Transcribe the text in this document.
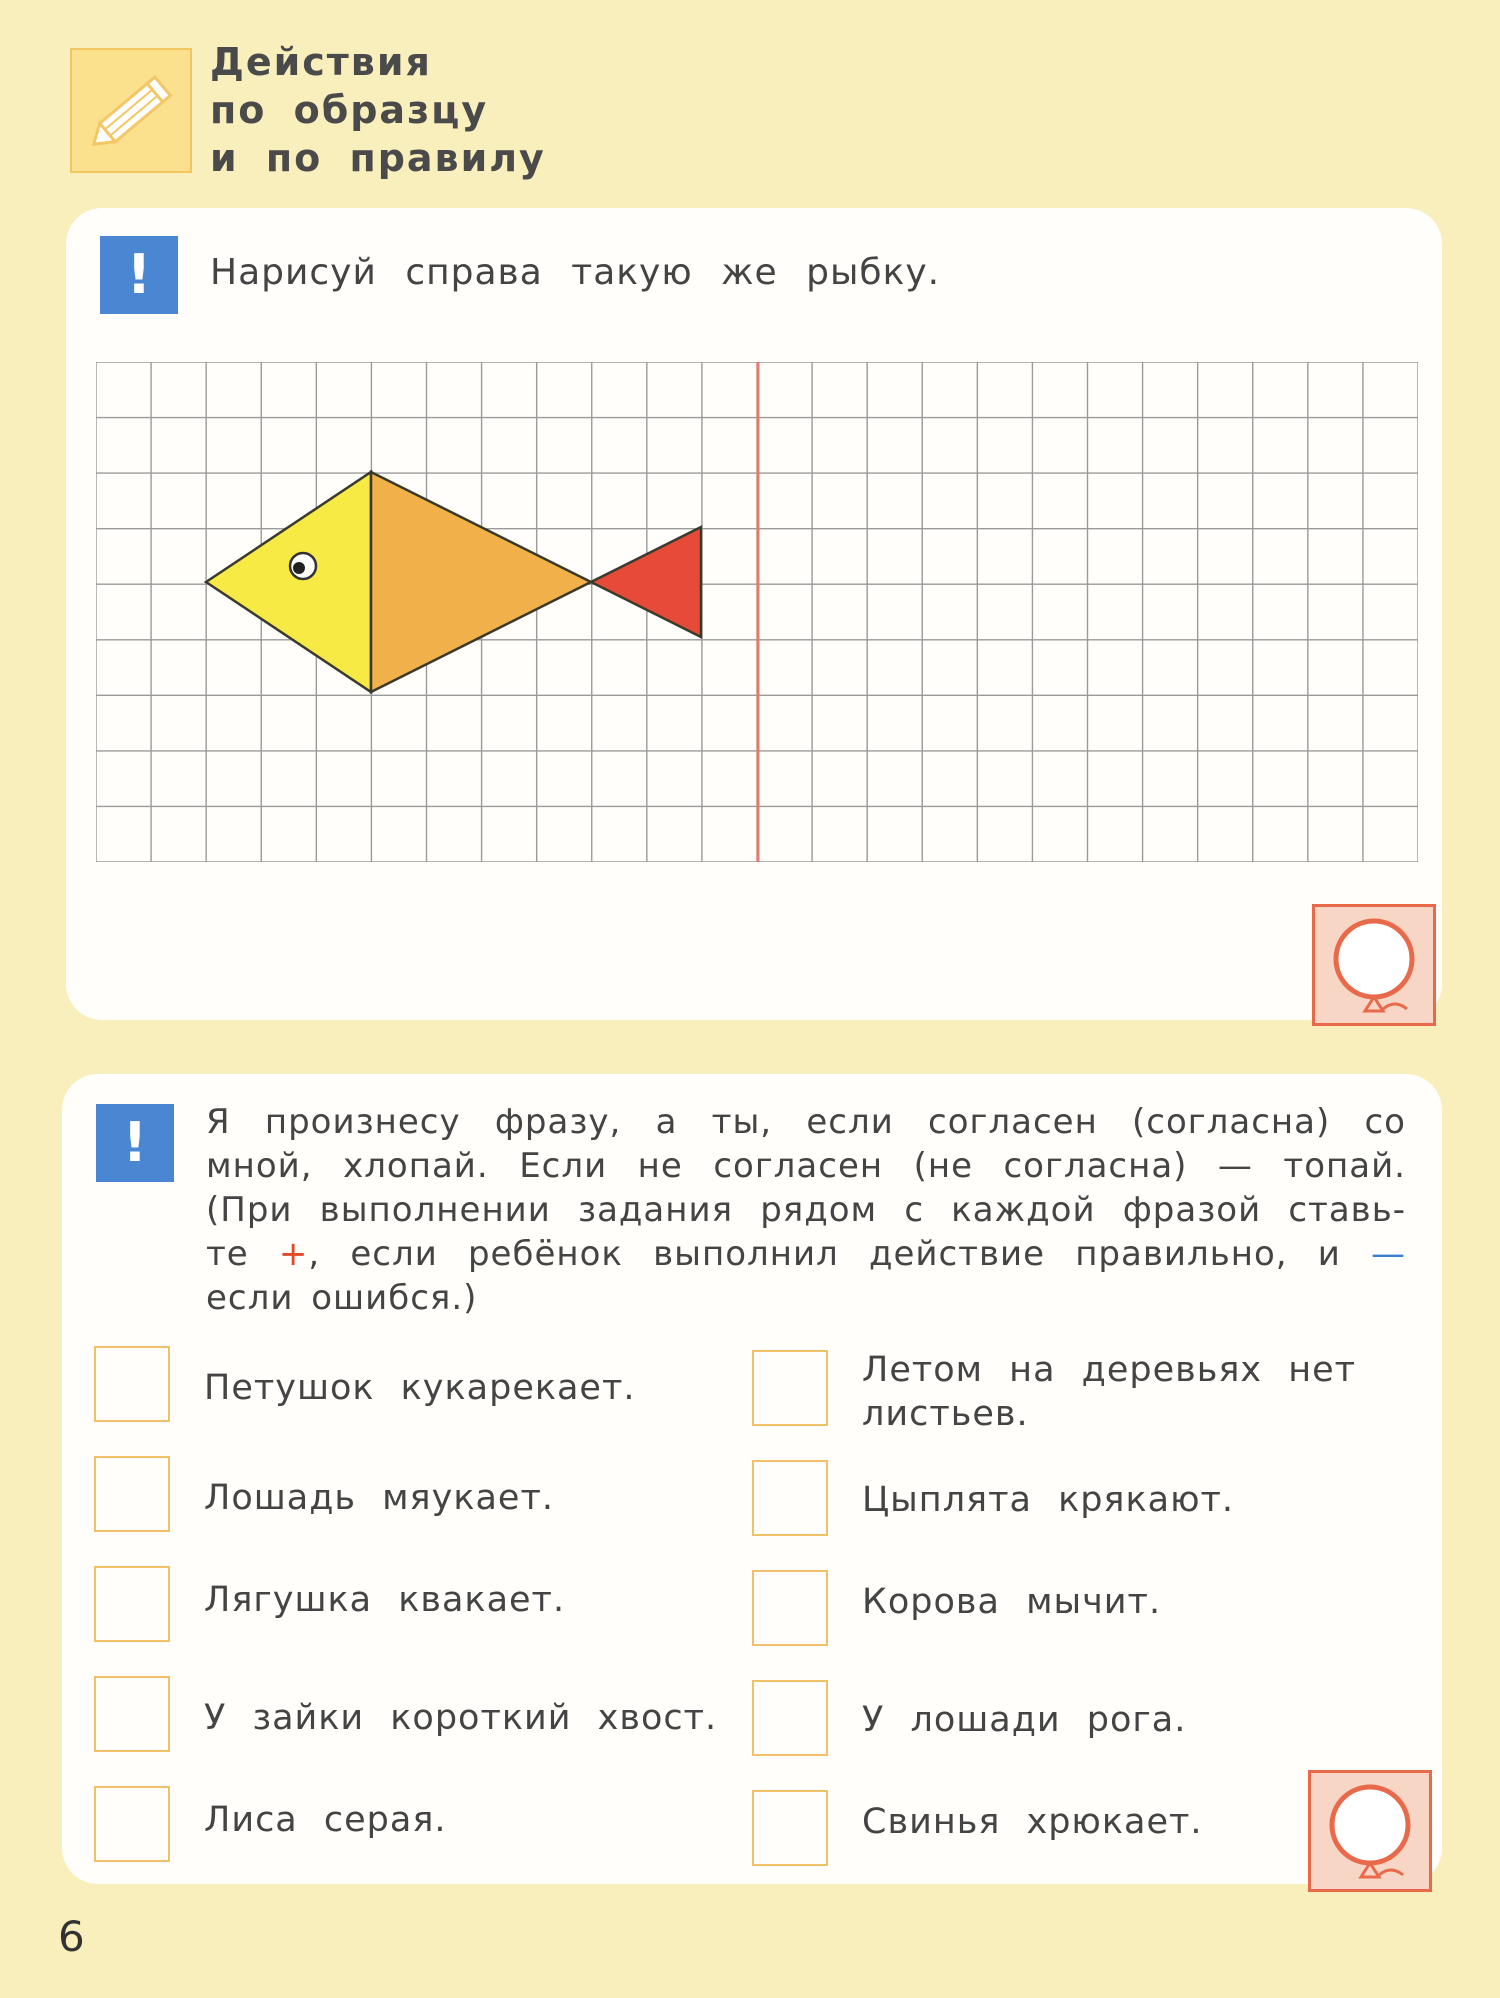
Действия
по образцу
и по правилу
!	Нарисуй справа такую же рыбку.
!	Я произнесу фразу, а ты, если согласен (согласна) со
мной, хлопай. Если не согласен (не согласна) — топай.
(При выполнении задания рядом с каждой фразой ставь-
те +, если ребёнок выполнил действие правильно, и —
если ошибся.)
Петушок кукарекает.
Лошадь мяукает.
Лягушка квакает.
У зайки короткий хвост.
Лиса серая.
Летом на деревьях нет
листьев.
Цыплята крякают.
Корова мычит.
У лошади рога.
Свинья хрюкает.
6
